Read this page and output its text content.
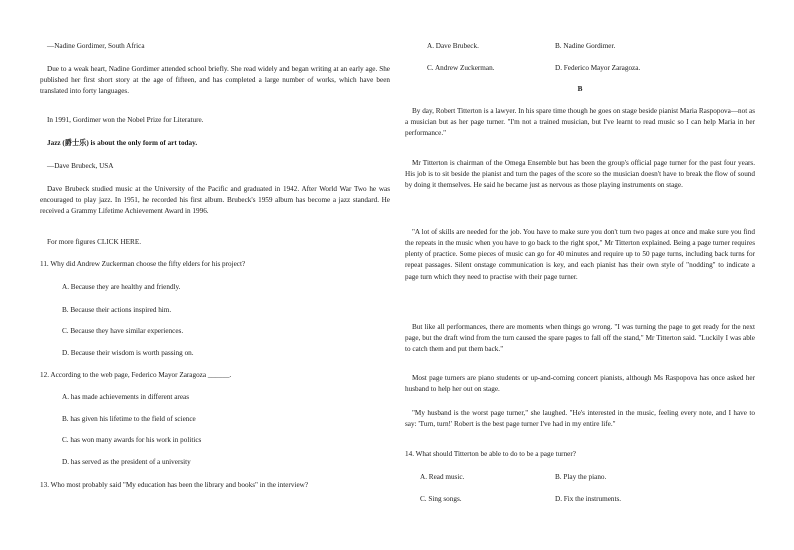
—Nadine Gordimer, South Africa

Due to a weak heart, Nadine Gordimer attended school briefly. She read widely and began writing at an early age. She published her first short story at the age of fifteen, and has completed a large number of works, which have been translated into forty languages.

In 1991, Gordimer won the Nobel Prize for Literature.

Jazz (爵士乐) is about the only form of art today.

—Dave Brubeck, USA

Dave Brubeck studied music at the University of the Pacific and graduated in 1942. After World War Two he was encouraged to play jazz. In 1951, he recorded his first album. Brubeck's 1959 album has become a jazz standard. He received a Grammy Lifetime Achievement Award in 1996.

For more figures CLICK HERE.

11. Why did Andrew Zuckerman choose the fifty elders for his project?

A. Because they are healthy and friendly.

B. Because their actions inspired him.

C. Because they have similar experiences.

D. Because their wisdom is worth passing on.

12. According to the web page, Federico Mayor Zaragoza ______.

A. has made achievements in different areas

B. has given his lifetime to the field of science

C. has won many awards for his work in politics

D. has served as the president of a university

13. Who most probably said "My education has been the library and books" in the interview?

A. Dave Brubeck.	B. Nadine Gordimer.

C. Andrew Zuckerman.	D. Federico Mayor Zaragoza.

B

By day, Robert Titterton is a lawyer. In his spare time though he goes on stage beside pianist Maria Raspopova—not as a musician but as her page turner. "I'm not a trained musician, but I've learnt to read music so I can help Maria in her performance."

Mr Titterton is chairman of the Omega Ensemble but has been the group's official page turner for the past four years. His job is to sit beside the pianist and turn the pages of the score so the musician doesn't have to break the flow of sound by doing it themselves. He said he became just as nervous as those playing instruments on stage.

"A lot of skills are needed for the job. You have to make sure you don't turn two pages at once and make sure you find the repeats in the music when you have to go back to the right spot," Mr Titterton explained. Being a page turner requires plenty of practice. Some pieces of music can go for 40 minutes and require up to 50 page turns, including back turns for repeat passages. Silent onstage communication is key, and each pianist has their own style of "nodding" to indicate a page turn which they need to practise with their page turner.

But like all performances, there are moments when things go wrong. "I was turning the page to get ready for the next page, but the draft wind from the turn caused the spare pages to fall off the stand," Mr Titterton said. "Luckily I was able to catch them and put them back."

Most page turners are piano students or up-and-coming concert pianists, although Ms Raspopova has once asked her husband to help her out on stage.

"My husband is the worst page turner," she laughed. "He's interested in the music, feeling every note, and I have to say: 'Turn, turn!' Robert is the best page turner I've had in my entire life."

14. What should Titterton be able to do to be a page turner?

A. Read music.	B. Play the piano.

C. Sing songs.	D. Fix the instruments.
